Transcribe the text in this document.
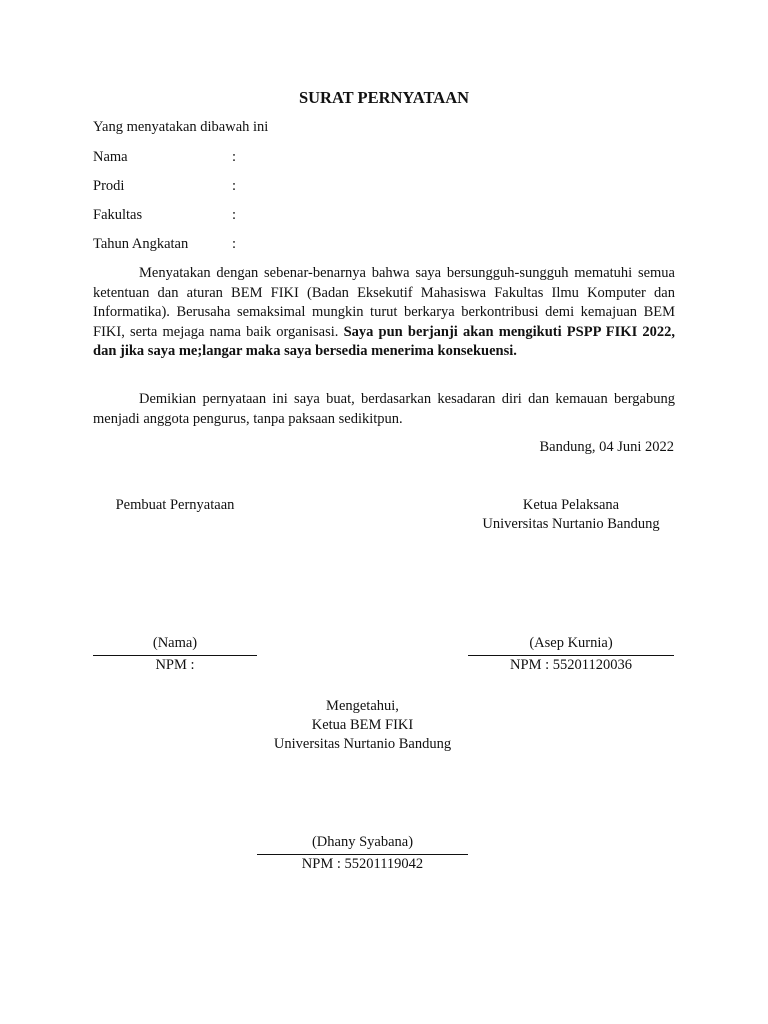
SURAT PERNYATAAN
Yang menyatakan dibawah ini
Nama	:
Prodi	:
Fakultas	:
Tahun Angkatan	:

Menyatakan dengan sebenar-benarnya bahwa saya bersungguh-sungguh mematuhi semua ketentuan dan aturan BEM FIKI (Badan Eksekutif Mahasiswa Fakultas Ilmu Komputer dan Informatika). Berusaha semaksimal mungkin turut berkarya berkontribusi demi kemajuan BEM FIKI, serta mejaga nama baik organisasi. Saya pun berjanji akan mengikuti PSPP FIKI 2022, dan jika saya me;langar maka saya bersedia menerima konsekuensi.

Demikian pernyataan ini saya buat, berdasarkan kesadaran diri dan kemauan bergabung menjadi anggota pengurus, tanpa paksaan sedikitpun.

Bandung, 04 Juni 2022
Pembuat Pernyataan
(Nama)
NPM :
Ketua Pelaksana
Universitas Nurtanio Bandung
(Asep Kurnia)
NPM : 55201120036
Mengetahui,
Ketua BEM FIKI
Universitas Nurtanio Bandung
(Dhany Syabana)
NPM : 55201119042
